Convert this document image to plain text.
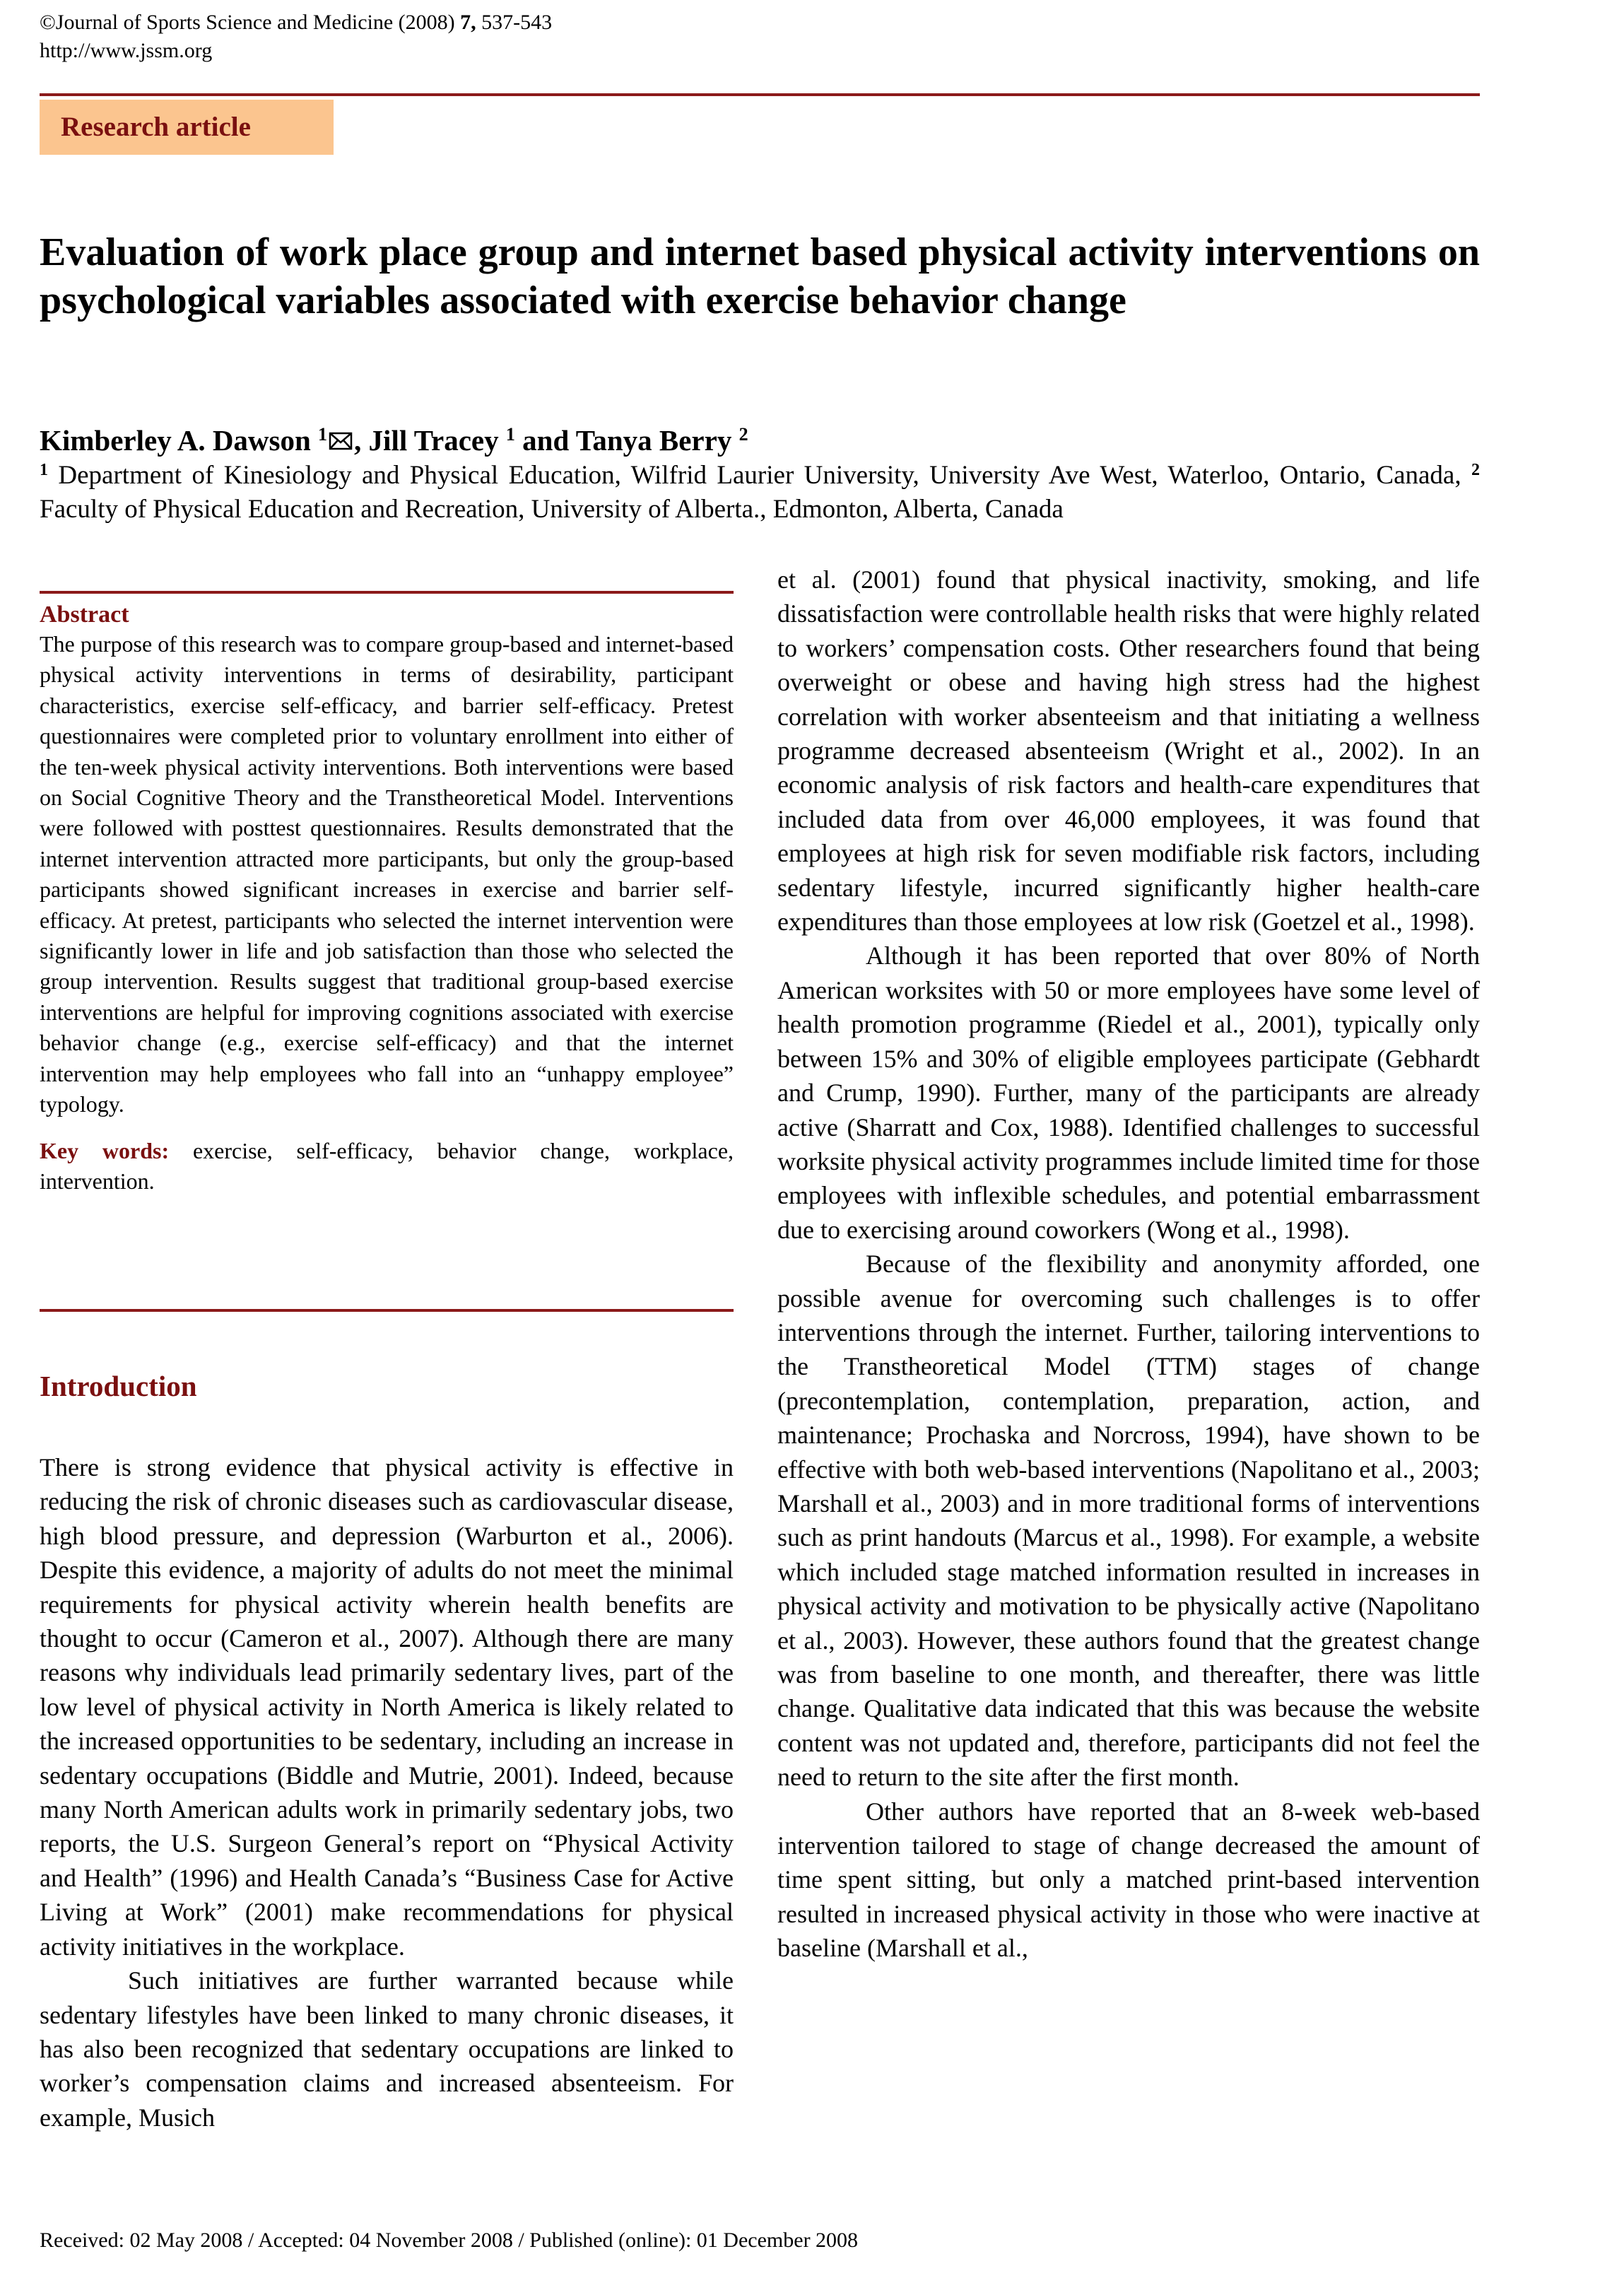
©Journal of Sports Science and Medicine (2008) 7, 537-543
http://www.jssm.org
Research article
Evaluation of work place group and internet based physical activity interventions on psychological variables associated with exercise behavior change
Kimberley A. Dawson $^1$ , Jill Tracey $^1$ and Tanya Berry $^2$
$^1$ Department of Kinesiology and Physical Education, Wilfrid Laurier University, University Ave West, Waterloo, Ontario, Canada, $^2$ Faculty of Physical Education and Recreation, University of Alberta., Edmonton, Alberta, Canada
Abstract

The purpose of this research was to compare group-based and internet-based physical activity interventions in terms of desirability, participant characteristics, exercise self-efficacy, and barrier self-efficacy. Pretest questionnaires were completed prior to voluntary enrollment into either of the ten-week physical activity interventions. Both interventions were based on Social Cognitive Theory and the Transtheoretical Model. Interventions were followed with posttest questionnaires. Results demonstrated that the internet intervention attracted more participants, but only the group-based participants showed significant increases in exercise and barrier self-efficacy. At pretest, participants who selected the internet intervention were significantly lower in life and job satisfaction than those who selected the group intervention. Results suggest that traditional group-based exercise interventions are helpful for improving cognitions associated with exercise behavior change (e.g., exercise self-efficacy) and that the internet intervention may help employees who fall into an “unhappy employee” typology.

Key words: exercise, self-efficacy, behavior change, workplace, intervention.

Introduction

There is strong evidence that physical activity is effective in reducing the risk of chronic diseases such as cardiovascular disease, high blood pressure, and depression (Warburton et al., 2006). Despite this evidence, a majority of adults do not meet the minimal requirements for physical activity wherein health benefits are thought to occur (Cameron et al., 2007). Although there are many reasons why individuals lead primarily sedentary lives, part of the low level of physical activity in North America is likely related to the increased opportunities to be sedentary, including an increase in sedentary occupations (Biddle and Mutrie, 2001). Indeed, because many North American adults work in primarily sedentary jobs, two reports, the U.S. Surgeon General’s report on “Physical Activity and Health” (1996) and Health Canada’s “Business Case for Active Living at Work” (2001) make recommendations for physical activity initiatives in the workplace.

Such initiatives are further warranted because while sedentary lifestyles have been linked to many chronic diseases, it has also been recognized that sedentary occupations are linked to worker’s compensation claims and increased absenteeism. For example, Musich

et al. (2001) found that physical inactivity, smoking, and life dissatisfaction were controllable health risks that were highly related to workers’ compensation costs. Other researchers found that being overweight or obese and having high stress had the highest correlation with worker absenteeism and that initiating a wellness programme decreased absenteeism (Wright et al., 2002). In an economic analysis of risk factors and health-care expenditures that included data from over 46,000 employees, it was found that employees at high risk for seven modifiable risk factors, including sedentary lifestyle, incurred significantly higher health-care expenditures than those employees at low risk (Goetzel et al., 1998).

Although it has been reported that over 80% of North American worksites with 50 or more employees have some level of health promotion programme (Riedel et al., 2001), typically only between 15% and 30% of eligible employees participate (Gebhardt and Crump, 1990). Further, many of the participants are already active (Sharratt and Cox, 1988). Identified challenges to successful worksite physical activity programmes include limited time for those employees with inflexible schedules, and potential embarrassment due to exercising around coworkers (Wong et al., 1998).

Because of the flexibility and anonymity afforded, one possible avenue for overcoming such challenges is to offer interventions through the internet. Further, tailoring interventions to the Transtheoretical Model (TTM) stages of change (precontemplation, contemplation, preparation, action, and maintenance; Prochaska and Norcross, 1994), have shown to be effective with both web-based interventions (Napolitano et al., 2003; Marshall et al., 2003) and in more traditional forms of interventions such as print handouts (Marcus et al., 1998). For example, a website which included stage matched information resulted in increases in physical activity and motivation to be physically active (Napolitano et al., 2003). However, these authors found that the greatest change was from baseline to one month, and thereafter, there was little change. Qualitative data indicated that this was because the website content was not updated and, therefore, participants did not feel the need to return to the site after the first month.

Other authors have reported that an 8-week web-based intervention tailored to stage of change decreased the amount of time spent sitting, but only a matched print-based intervention resulted in increased physical activity in those who were inactive at baseline (Marshall et al.,

Received: 02 May 2008 / Accepted: 04 November 2008 / Published (online): 01 December 2008
